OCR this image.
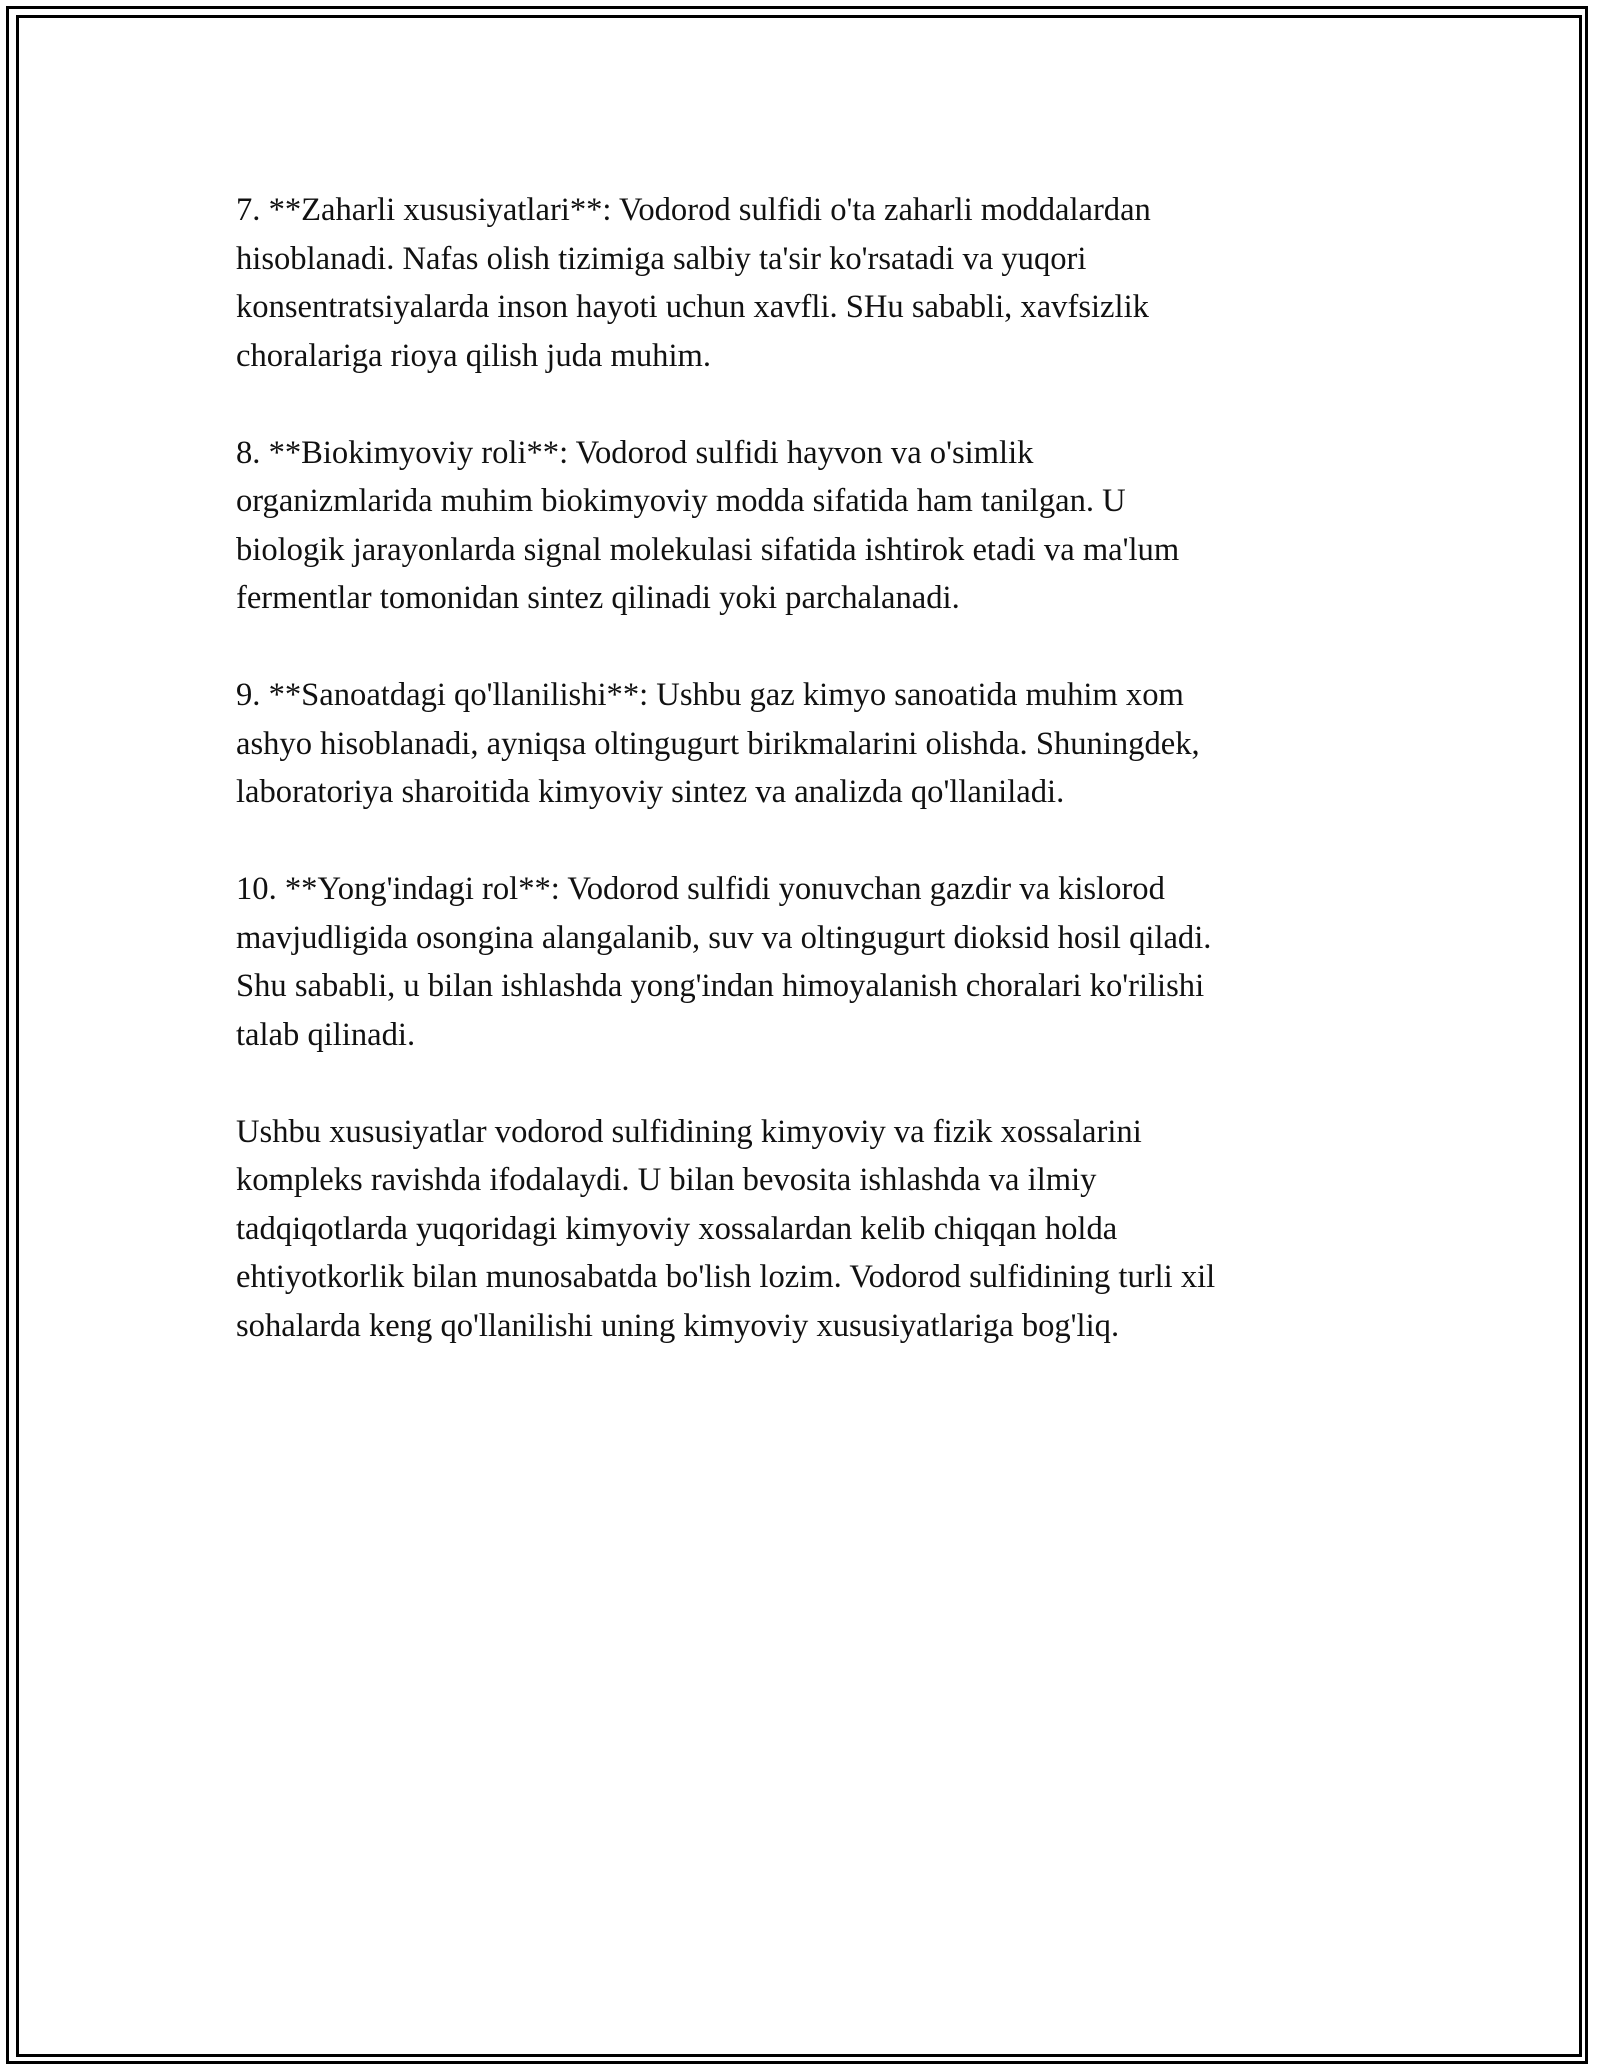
7. **Zaharli xususiyatlari**: Vodorod sulfidi o'ta zaharli moddalardan
hisoblanadi. Nafas olish tizimiga salbiy ta'sir ko'rsatadi va yuqori
konsentratsiyalarda inson hayoti uchun xavfli. SHu sababli, xavfsizlik
choralariga rioya qilish juda muhim.

8. **Biokimyoviy roli**: Vodorod sulfidi hayvon va o'simlik
organizmlarida muhim biokimyoviy modda sifatida ham tanilgan. U
biologik jarayonlarda signal molekulasi sifatida ishtirok etadi va ma'lum
fermentlar tomonidan sintez qilinadi yoki parchalanadi.

9. **Sanoatdagi qo'llanilishi**: Ushbu gaz kimyo sanoatida muhim xom
ashyo hisoblanadi, ayniqsa oltingugurt birikmalarini olishda. Shuningdek,
laboratoriya sharoitida kimyoviy sintez va analizda qo'llaniladi.

10. **Yong'indagi rol**: Vodorod sulfidi yonuvchan gazdir va kislorod
mavjudligida osongina alangalanib, suv va oltingugurt dioksid hosil qiladi.
Shu sababli, u bilan ishlashda yong'indan himoyalanish choralari ko'rilishi
talab qilinadi.

Ushbu xususiyatlar vodorod sulfidining kimyoviy va fizik xossalarini
kompleks ravishda ifodalaydi. U bilan bevosita ishlashda va ilmiy
tadqiqotlarda yuqoridagi kimyoviy xossalardan kelib chiqqan holda
ehtiyotkorlik bilan munosabatda bo'lish lozim. Vodorod sulfidining turli xil
sohalarda keng qo'llanilishi uning kimyoviy xususiyatlariga bog'liq.
